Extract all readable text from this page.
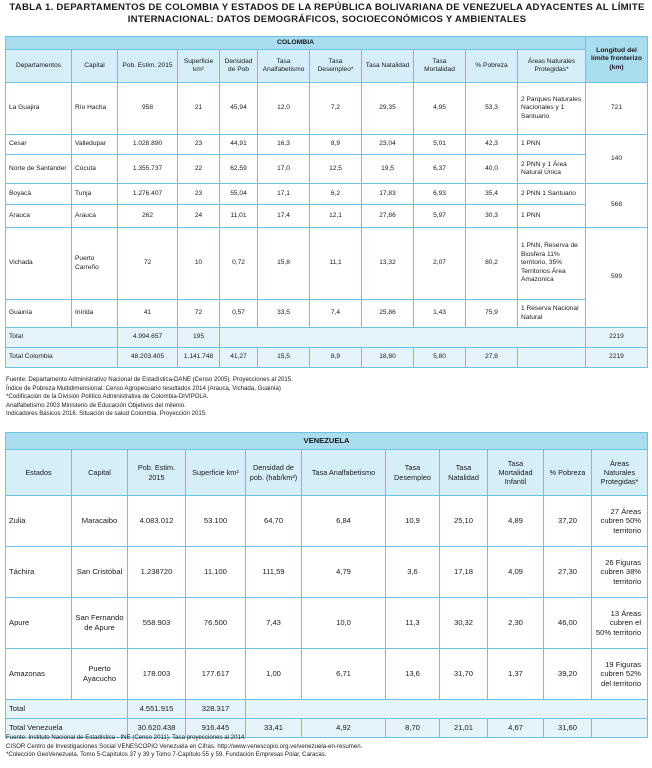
TABLA 1. DEPARTAMENTOS DE COLOMBIA Y ESTADOS DE LA REPÚBLICA BOLIVARIANA DE VENEZUELA ADYACENTES AL LÍMITE
INTERNACIONAL: DATOS DEMOGRÁFICOS, SOCIOECONÓMICOS Y AMBIENTALES
COLOMBIA											Longitud del límite fronterizo (km)
Departamentos	Capital	Pob. Estim. 2015	Superficie km²	Densidad de Pob	Tasa Analfabetismo	Tasa Desempleo*	Tasa Natalidad	Tasa Mortalidad	% Pobreza	Áreas Naturales Protegidas*	
La Guajira	Río Hacha	958	21	45,94	12,0	7,2	29,35	4,95	53,3	2 Parques Naturales Nacionales y 1 Santuario	721
Cesar	Valledupar	1.028.890	23	44,91	16,3	8,9	23,04	5,01	42,3	1 PNN	140
Norte de Santander	Cúcuta	1.355.737	22	62,59	17,0	12,5	19,5	6,37	40,0	2 PNN y 1 Área Natural Única	
Boyacá	Tunja	1.276.407	23	55,04	17,1	6,2	17,83	6,93	35,4	2 PNN 1 Santuario	568
Arauca	Arauca	262	24	11,01	17,4	12,1	27,86	5,97	30,3	1 PNN	
Vichada	Puerto Carreño	72	10	0,72	15,8	11,1	13,32	2,07	80,2	1 PNN, Reserva de Biosfera 11% territorio, 35% Territorios Área Amazonica	599
Guainía	Inírida	41	72	0,57	33,5	7,4	25,86	1,43	75,9	1 Reserva Nacional Natural	
Total		4.994.657	195								2219
Total Colombia		48.203.405	1.141.748	41,27	15,5	8,9	18,80	5,80	27,8		2219
Fuente: Departamento Administrativo Nacional de Estadística-DANE (Censo 2005). Proyecciones al 2015.
Índice de Pobreza Multidimensional: Censo Agropecuario resultados 2014 (Arauca, Vichada, Guainía)
*Codificación de la División Político Administrativa de Colombia-DIVIPOLA.
Analfabetismo 2003 Ministerio de Educación Objetivos del milenio.
Indicadores Básicos 2016. Situación de salud Colombia. Proyección 2015.
VENEZUELA										
Estados	Capital	Pob. Estim. 2015	Superficie km²	Densidad de pob. (hab/km²)	Tasa Analfabetismo	Tasa Desempleo	Tasa Natalidad	Tasa Mortalidad Infantil	% Pobreza	Áreas Naturales Protegidas*
Zulia	Maracaibo	4.083.012	53.100	64,70	6,84	10,9	25,10	4,89	37,20	27 Áreas cubren 50% territorio
Táchira	San Cristóbal	1.238720	11.100	111,59	4,79	3,6	17,18	4,09	27,30	26 Figuras cubren 38% territorio
Apure	San Fernando de Apure	558.903	76.500	7,43	10,0	11,3	30,32	2,30	46,00	13 Áreas cubren el 50% territorio
Amazonas	Puerto Ayacucho	178.003	177.617	1,00	6,71	13,6	31,70	1,37	39,20	19 Figuras cubren 52% del territorio
Total		4.551.915	328.317							
Total Venezuela		30.620.438	916.445	33,41	4,92	8,70	21,01	4,67	31,60	
Fuente: Instituto Nacional de Estadística - INE (Censo 2011). Tasa proyecciones al 2014.
CISOR Centro de Investigaciones Social VENESCOPIO Venezuela en Cifras. http://www.venescopio.org.ve/venezuela-en-resumen.
*Colección GeoVenezuela, Tomo 5-Capítulos 37 y 39 y Tomo 7-Capítulo 55 y 59. Fundación Empresas Polar, Caracas.
